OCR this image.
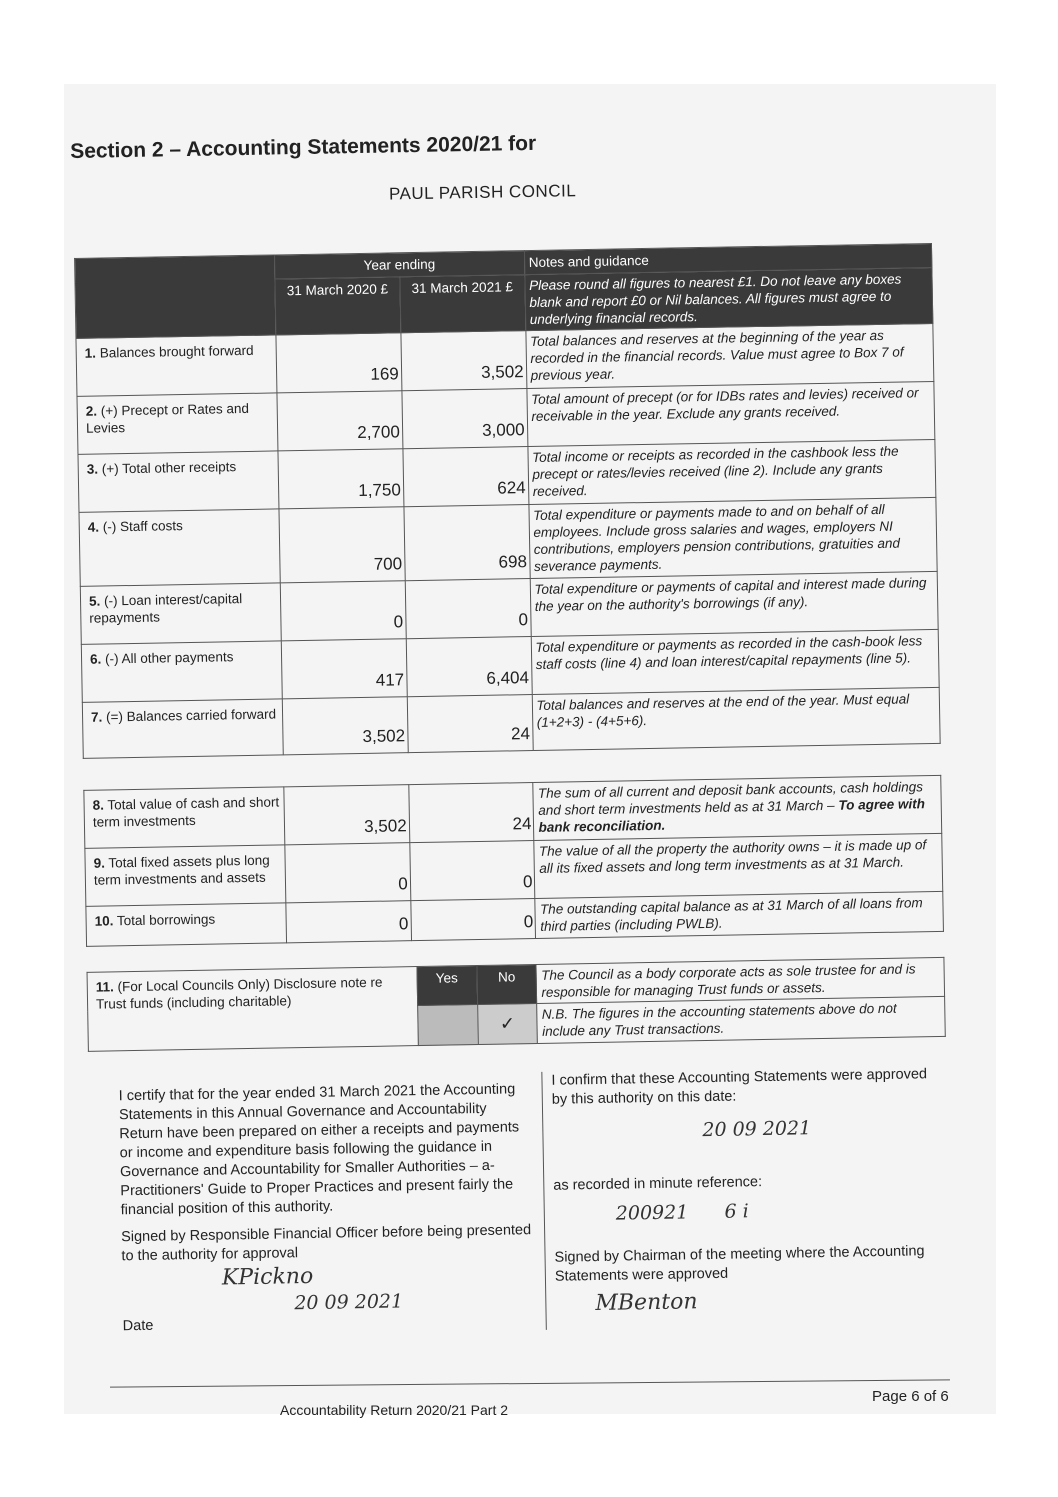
Section 2 – Accounting Statements 2020/21 for
PAUL PARISH CONCIL
	Year ending		Notes and guidance
	31 March 2020 £	31 March 2021 £	Please round all figures to nearest £1. Do not leave any boxes blank and report £0 or Nil balances. All figures must agree to underlying financial records.
1. Balances brought forward	169	3,502	Total balances and reserves at the beginning of the year as recorded in the financial records. Value must agree to Box 7 of previous year.
2. (+) Precept or Rates and Levies	2,700	3,000	Total amount of precept (or for IDBs rates and levies) received or receivable in the year. Exclude any grants received.
3. (+) Total other receipts	1,750	624	Total income or receipts as recorded in the cashbook less the precept or rates/levies received (line 2). Include any grants received.
4. (-) Staff costs	700	698	Total expenditure or payments made to and on behalf of all employees. Include gross salaries and wages, employers NI contributions, employers pension contributions, gratuities and severance payments.
5. (-) Loan interest/capital repayments	0	0	Total expenditure or payments of capital and interest made during the year on the authority's borrowings (if any).
6. (-) All other payments	417	6,404	Total expenditure or payments as recorded in the cash-book less staff costs (line 4) and loan interest/capital repayments (line 5).
7. (=) Balances carried forward	3,502	24	Total balances and reserves at the end of the year. Must equal (1+2+3) - (4+5+6).
8. Total value of cash and short term investments	3,502	24	The sum of all current and deposit bank accounts, cash holdings and short term investments held as at 31 March – To agree with bank reconciliation.
9. Total fixed assets plus long term investments and assets	0	0	The value of all the property the authority owns – it is made up of all its fixed assets and long term investments as at 31 March.
10. Total borrowings	0	0	The outstanding capital balance as at 31 March of all loans from third parties (including PWLB).
11. (For Local Councils Only) Disclosure note re Trust funds (including charitable)	Yes	No	The Council as a body corporate acts as sole trustee for and is responsible for managing Trust funds or assets.
		✓	N.B. The figures in the accounting statements above do not include any Trust transactions.
I certify that for the year ended 31 March 2021 the Accounting Statements in this Annual Governance and Accountability Return have been prepared on either a receipts and payments or income and expenditure basis following the guidance in Governance and Accountability for Smaller Authorities – a-Practitioners' Guide to Proper Practices and present fairly the financial position of this authority.
Signed by Responsible Financial Officer before being presented to the authority for approval
KPickno
Date
20 09 2021
I confirm that these Accounting Statements were approved by this authority on this date:
20 09 2021
as recorded in minute reference:
200921      6 i
Signed by Chairman of the meeting where the Accounting Statements were approved
MBenton
Page 6 of 6
Accountability Return 2020/21 Part 2
